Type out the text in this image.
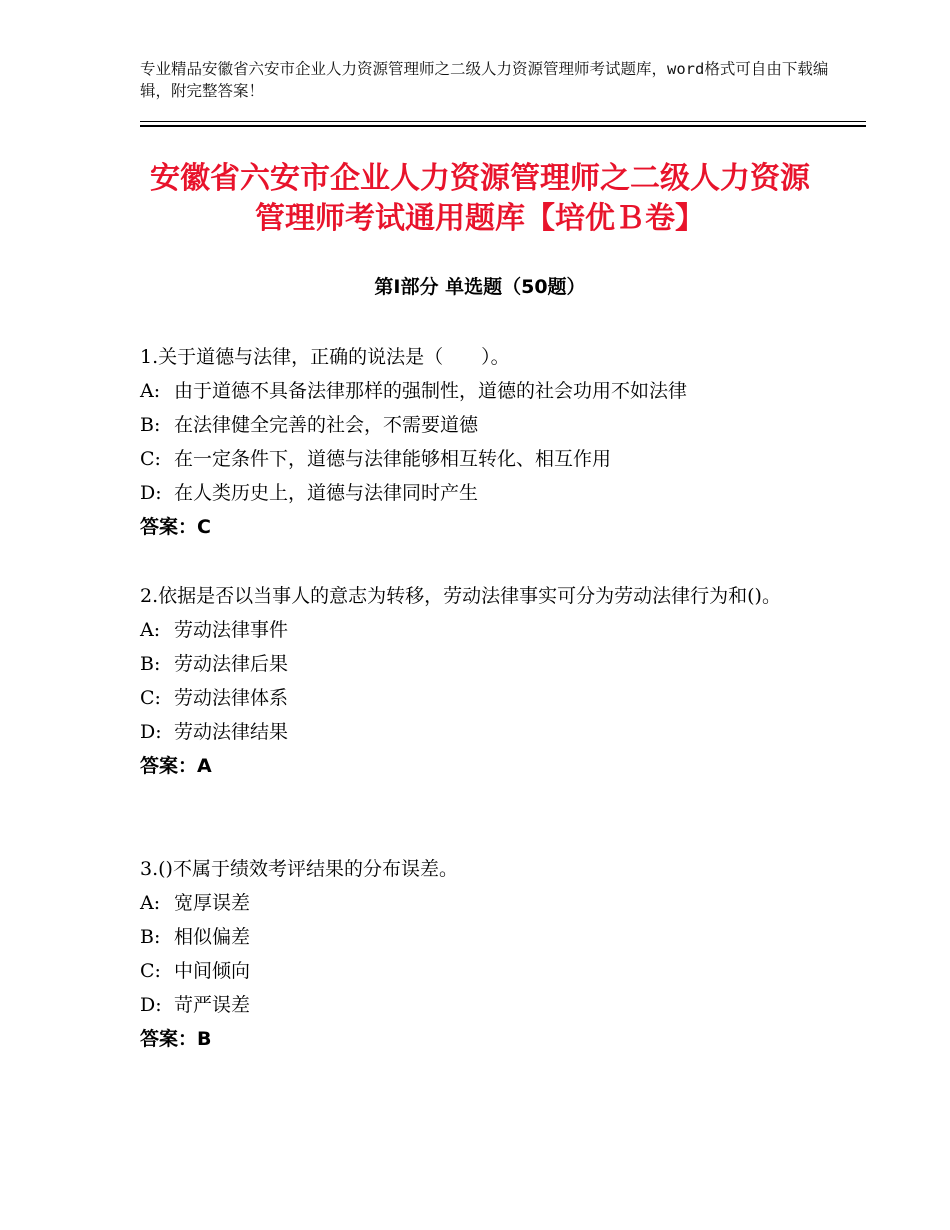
专业精品安徽省六安市企业人力资源管理师之二级人力资源管理师考试题库，word格式可自由下载编辑，附完整答案！
安徽省六安市企业人力资源管理师之二级人力资源管理师考试通用题库【培优Ｂ卷】
第Ⅰ部分 单选题（50题）

1.关于道德与法律，正确的说法是（　　）。

A: 由于道德不具备法律那样的强制性，道德的社会功用不如法律

B: 在法律健全完善的社会，不需要道德

C: 在一定条件下，道德与法律能够相互转化、相互作用

D: 在人类历史上，道德与法律同时产生

答案：C

2.依据是否以当事人的意志为转移，劳动法律事实可分为劳动法律行为和()。

A: 劳动法律事件

B: 劳动法律后果

C: 劳动法律体系

D: 劳动法律结果

答案：A

3.()不属于绩效考评结果的分布误差。

A: 宽厚误差

B: 相似偏差

C: 中间倾向

D: 苛严误差

答案：B
